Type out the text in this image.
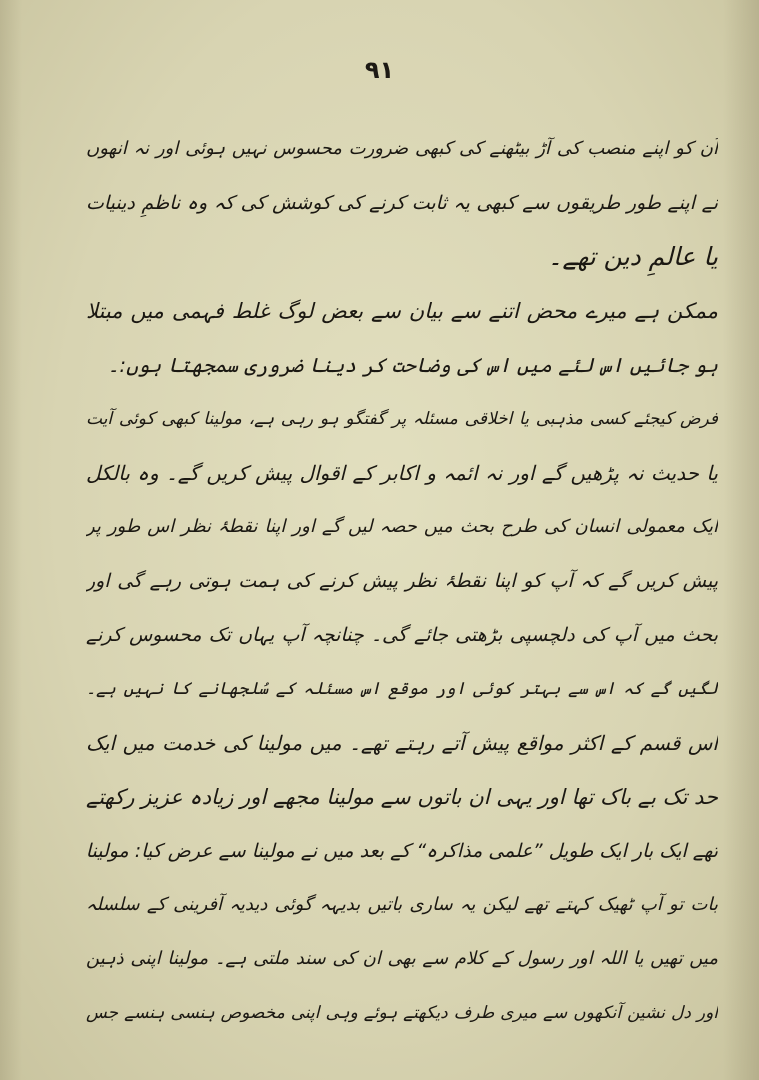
۹۱
اُن کو اپنے منصب کی آڑ بیٹھنے کی کبھی ضرورت محسوس نہیں ہوئی اور نہ انھوں
نے اپنے طور طریقوں سے کبھی یہ ثابت کرنے کی کوشش کی کہ وہ ناظمِ دینیات
یا عالمِ دین تھے۔
ممکن ہے میرے محض اتنے سے بیان سے بعض لوگ غلط فہمی میں مبتلا
ہو جائیں اس لئے میں اس کی وضاحت کر دینا ضروری سمجھتا ہوں:۔
فرض کیجئے کسی مذہبی یا اخلاقی مسئلہ پر گفتگو ہو رہی ہے، مولینا کبھی کوئی آیت
یا حدیث نہ پڑھیں گے اور نہ ائمہ و اکابر کے اقوال پیش کریں گے۔ وہ بالکل
ایک معمولی انسان کی طرح بحث میں حصہ لیں گے اور اپنا نقطۂ نظر اس طور پر
پیش کریں گے کہ آپ کو اپنا نقطۂ نظر پیش کرنے کی ہمت ہوتی رہے گی اور
بحث میں آپ کی دلچسپی بڑھتی جائے گی۔ چنانچہ آپ یہاں تک محسوس کرنے
لگیں گے کہ اس سے بہتر کوئی اور موقع اس مسئلہ کے سُلجھانے کا نہیں ہے۔
اس قسم کے اکثر مواقع پیش آتے رہتے تھے۔ میں مولینا کی خدمت میں ایک
حد تک بے باک تھا اور یہی ان باتوں سے مولینا مجھے اور زیادہ عزیز رکھتے
تھے ایک بار ایک طویل ”علمی مذاکرہ“ کے بعد میں نے مولینا سے عرض کیا: مولینا
بات تو آپ ٹھیک کہتے تھے لیکن یہ ساری باتیں بدیہہ گوئی دیدیہ آفرینی کے سلسلہ
میں تھیں یا اللہ اور رسول کے کلام سے بھی ان کی سند ملتی ہے۔ مولینا اپنی ذہین
اور دل نشین آنکھوں سے میری طرف دیکھتے ہوئے وہی اپنی مخصوص ہنسی ہنسے جس
